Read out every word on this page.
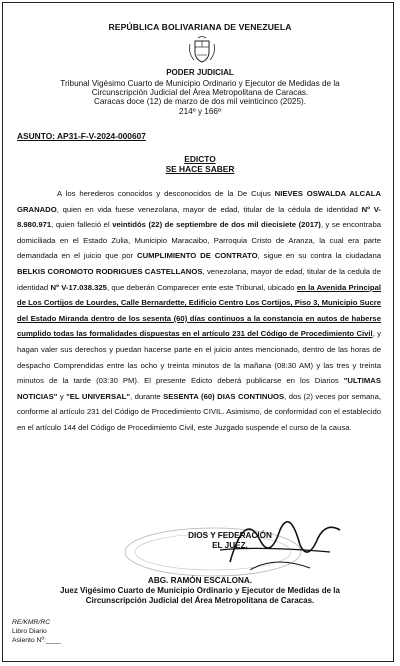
REPÚBLICA BOLIVARIANA DE VENEZUELA
PODER JUDICIAL
Tribunal Vigésimo Cuarto de Municipio Ordinario y Ejecutor de Medidas de la
Circunscripción Judicial del Área Metropolitana de Caracas.
Caracas doce (12) de marzo de dos mil veinticinco (2025).
214º y 166º
ASUNTO: AP31-F-V-2024-000607
EDICTO
SE HACE SABER
A los herederos conocidos y desconocidos de la De Cujus NIEVES OSWALDA ALCALA GRANADO, quien en vida fuese venezolana, mayor de edad, titular de la cédula de identidad Nº V-8.980.971, quien falleció el veintidós (22) de septiembre de dos mil diecisiete (2017), y se encontraba domiciliada en el Estado Zulia, Municipio Maracaibo, Parroquia Cristo de Aranza, la cual era parte demandada en el juicio que por CUMPLIMIENTO DE CONTRATO, sigue en su contra la ciudadana BELKIS COROMOTO RODRIGUES CASTELLANOS, venezolana, mayor de edad, titular de la cedula de identidad Nº V-17.038.325, que deberán Comparecer ente este Tribunal, ubicado en la Avenida Principal de Los Cortijos de Lourdes, Calle Bernardette, Edificio Centro Los Cortijos, Piso 3, Municipio Sucre del Estado Miranda dentro de los sesenta (60) días continuos a la constancia en autos de haberse cumplido todas las formalidades dispuestas en el artículo 231 del Código de Procedimiento Civil, y hagan valer sus derechos y puedan hacerse parte en el juicio antes mencionado, dentro de las horas de despacho Comprendidas entre las ocho y treinta minutos de la mañana (08:30 AM) y las tres y treinta minutos de la tarde (03:30 PM). El presente Edicto deberá publicarse en los Diarios "ULTIMAS NOTICIAS" y "EL UNIVERSAL", durante SESENTA (60) DIAS CONTINUOS, dos (2) veces por semana, conforme al artículo 231 del Código de Procedimiento CIVIL. Asimismo, de conformidad con el establecido en el artículo 144 del Código de Procedimiento Civil, este Juzgado suspende el curso de la causa.
DIOS Y FEDERACIÓN
EL JUEZ,
ABG. RAMÓN ESCALONA.
Juez Vigésimo Cuarto de Municipio Ordinario y Ejecutor de Medidas de la
Circunscripción Judicial del Área Metropolitana de Caracas.
RE/KMR/RC
Libro Diario
Asiento Nº:____
